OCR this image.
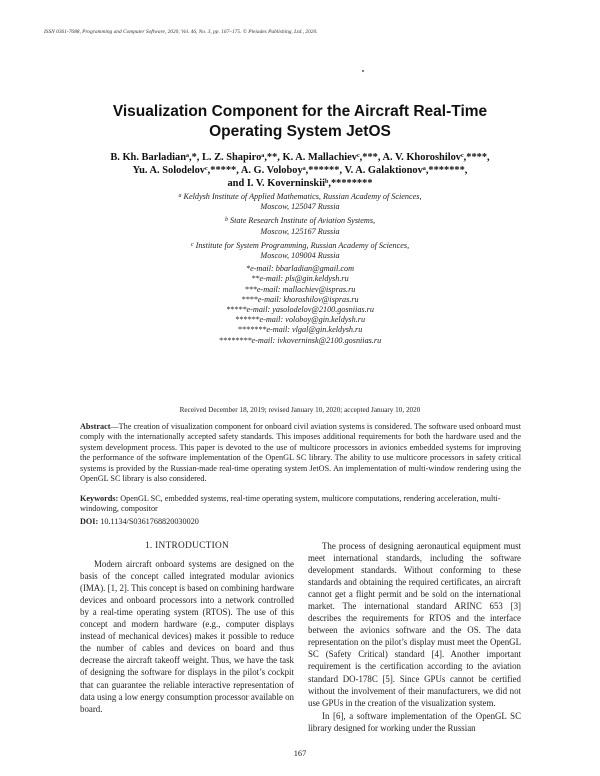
ISSN 0361-7688, Programming and Computer Software, 2020, Vol. 46, No. 3, pp. 167–175. © Pleiades Publishing, Ltd., 2020.
Visualization Component for the Aircraft Real-Time
Operating System JetOS
B. Kh. Barladianᵃ,*, L. Z. Shapiroᵃ,**, K. A. Mallachievᶜ,***, A. V. Khoroshilovᶜ,****,
Yu. A. Solodelovᶜ,*****, A. G. Voloboyᵃ,******, V. A. Galaktionovᵃ,*******,
and I. V. Koverninskiiᵇ,********
$^a$ Keldysh Institute of Applied Mathematics, Russian Academy of Sciences,
Moscow, 125047 Russia
$^b$ State Research Institute of Aviation Systems,
Moscow, 125167 Russia
$^c$ Institute for System Programming, Russian Academy of Sciences,
Moscow, 109004 Russia
*e-mail: bbarladian@gmail.com
**e-mail: pls@gin.keldysh.ru
***e-mail: mallachiev@ispras.ru
****e-mail: khoroshilov@ispras.ru
*****e-mail: yasolodelov@2100.gosniias.ru
******e-mail: voloboy@gin.keldysh.ru
*******e-mail: vlgal@gin.keldysh.ru
********e-mail: ivkoverninsk@2100.gosniias.ru
Received December 18, 2019; revised January 10, 2020; accepted January 10, 2020
Abstract—The creation of visualization component for onboard civil aviation systems is considered. The software used onboard must comply with the internationally accepted safety standards. This imposes additional requirements for both the hardware used and the system development process. This paper is devoted to the use of multicore processors in avionics embedded systems for improving the performance of the software implementation of the OpenGL SC library. The ability to use multicore processors in safety critical systems is provided by the Russian-made real-time operating system JetOS. An implementation of multi-window rendering using the OpenGL SC library is also considered.
Keywords: OpenGL SC, embedded systems, real-time operating system, multicore computations, rendering acceleration, multi-windowing, compositor
DOI: 10.1134/S0361768820030020
1. INTRODUCTION

Modern aircraft onboard systems are designed on the basis of the concept called integrated modular avionics (IMA). [1, 2]. This concept is based on combining hardware devices and onboard processors into a network controlled by a real-time operating system (RTOS). The use of this concept and modern hardware (e.g., computer displays instead of mechanical devices) makes it possible to reduce the number of cables and devices on board and thus decrease the aircraft takeoff weight. Thus, we have the task of designing the software for displays in the pilot’s cockpit that can guarantee the reliable interactive representation of data using a low energy consumption processor available on board.

The process of designing aeronautical equipment must meet international standards, including the software development standards. Without conforming to these standards and obtaining the required certificates, an aircraft cannot get a flight permit and be sold on the international market. The international standard ARINC 653 [3] describes the requirements for RTOS and the interface between the avionics software and the OS. The data representation on the pilot’s display must meet the OpenGL SC (Safety Critical) standard [4]. Another important requirement is the certification according to the aviation standard DO-178C [5]. Since GPUs cannot be certified without the involvement of their manufacturers, we did not use GPUs in the creation of the visualization system.

In [6], a software implementation of the OpenGL SC library designed for working under the Russian

167
